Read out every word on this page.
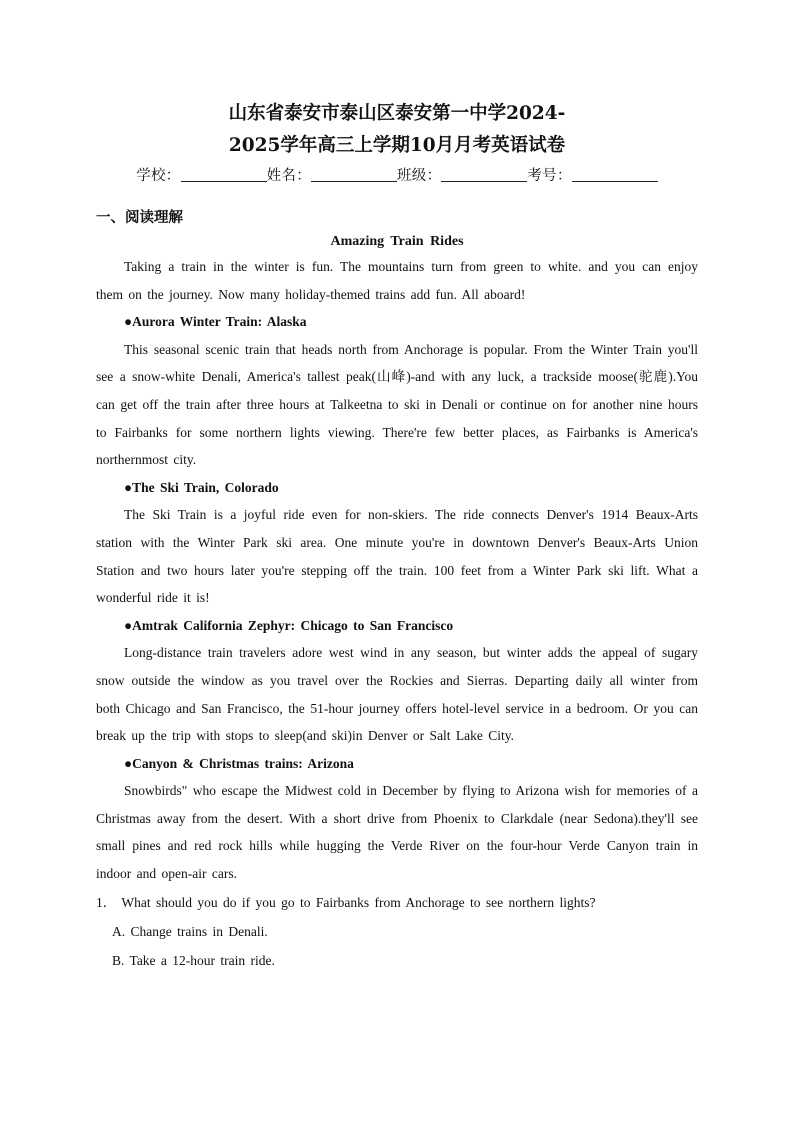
山东省泰安市泰山区泰安第一中学2024-
2025学年高三上学期10月月考英语试卷
学校：	姓名：	班级：	考号：
一、阅读理解
Amazing Train Rides
Taking a train in the winter is fun. The mountains turn from green to white. and you can enjoy them on the journey. Now many holiday-themed trains add fun. All aboard!
●Aurora Winter Train: Alaska
This seasonal scenic train that heads north from Anchorage is popular. From the Winter Train you'll see a snow-white Denali, America's tallest peak(山峰)-and with any luck, a trackside moose(驼鹿).You can get off the train after three hours at Talkeetna to ski in Denali or continue on for another nine hours to Fairbanks for some northern lights viewing. There're few better places, as Fairbanks is America's northernmost city.
●The Ski Train, Colorado
The Ski Train is a joyful ride even for non-skiers. The ride connects Denver's 1914 Beaux-Arts station with the Winter Park ski area. One minute you're in downtown Denver's Beaux-Arts Union Station and two hours later you're stepping off the train. 100 feet from a Winter Park ski lift. What a wonderful ride it is!
●Amtrak California Zephyr: Chicago to San Francisco
Long-distance train travelers adore west wind in any season, but winter adds the appeal of sugary snow outside the window as you travel over the Rockies and Sierras. Departing daily all winter from both Chicago and San Francisco, the 51-hour journey offers hotel-level service in a bedroom. Or you can break up the trip with stops to sleep(and ski)in Denver or Salt Lake City.
●Canyon & Christmas trains: Arizona
Snowbirds" who escape the Midwest cold in December by flying to Arizona wish for memories of a Christmas away from the desert. With a short drive from Phoenix to Clarkdale (near Sedona).they'll see small pines and red rock hills while hugging the Verde River on the four-hour Verde Canyon train in indoor and open-air cars.
1． What should you do if you go to Fairbanks from Anchorage to see northern lights?
A. Change trains in Denali.
B. Take a 12-hour train ride.
